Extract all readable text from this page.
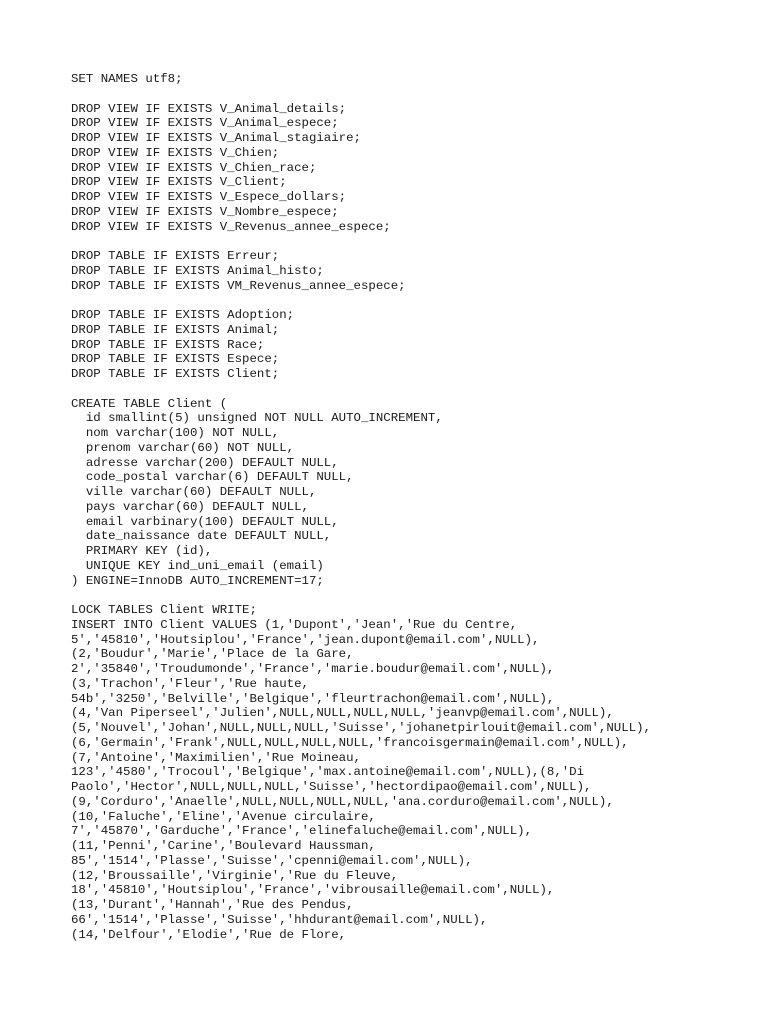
SET NAMES utf8;
DROP VIEW IF EXISTS V_Animal_details;
DROP VIEW IF EXISTS V_Animal_espece;
DROP VIEW IF EXISTS V_Animal_stagiaire;
DROP VIEW IF EXISTS V_Chien;
DROP VIEW IF EXISTS V_Chien_race;
DROP VIEW IF EXISTS V_Client;
DROP VIEW IF EXISTS V_Espece_dollars;
DROP VIEW IF EXISTS V_Nombre_espece;
DROP VIEW IF EXISTS V_Revenus_annee_espece;
DROP TABLE IF EXISTS Erreur;
DROP TABLE IF EXISTS Animal_histo;
DROP TABLE IF EXISTS VM_Revenus_annee_espece;
DROP TABLE IF EXISTS Adoption;
DROP TABLE IF EXISTS Animal;
DROP TABLE IF EXISTS Race;
DROP TABLE IF EXISTS Espece;
DROP TABLE IF EXISTS Client;
CREATE TABLE Client (
id smallint(5) unsigned NOT NULL AUTO_INCREMENT,
nom varchar(100) NOT NULL,
prenom varchar(60) NOT NULL,
adresse varchar(200) DEFAULT NULL,
code_postal varchar(6) DEFAULT NULL,
ville varchar(60) DEFAULT NULL,
pays varchar(60) DEFAULT NULL,
email varbinary(100) DEFAULT NULL,
date_naissance date DEFAULT NULL,
PRIMARY KEY (id),
UNIQUE KEY ind_uni_email (email)
) ENGINE=InnoDB AUTO_INCREMENT=17;
LOCK TABLES Client WRITE;
INSERT INTO Client VALUES (1,'Dupont','Jean','Rue du Centre,
5','45810','Houtsiplou','France','jean.dupont@email.com',NULL),
(2,'Boudur','Marie','Place de la Gare,
2','35840','Troudumonde','France','marie.boudur@email.com',NULL),
(3,'Trachon','Fleur','Rue haute,
54b','3250','Belville','Belgique','fleurtrachon@email.com',NULL),
(4,'Van Piperseel','Julien',NULL,NULL,NULL,NULL,'jeanvp@email.com',NULL),
(5,'Nouvel','Johan',NULL,NULL,NULL,'Suisse','johanetpirlouit@email.com',NULL),
(6,'Germain','Frank',NULL,NULL,NULL,NULL,'francoisgermain@email.com',NULL),
(7,'Antoine','Maximilien','Rue Moineau,
123','4580','Trocoul','Belgique','max.antoine@email.com',NULL),(8,'Di
Paolo','Hector',NULL,NULL,NULL,'Suisse','hectordipao@email.com',NULL),
(9,'Corduro','Anaelle',NULL,NULL,NULL,NULL,'ana.corduro@email.com',NULL),
(10,'Faluche','Eline','Avenue circulaire,
7','45870','Garduche','France','elinefaluche@email.com',NULL),
(11,'Penni','Carine','Boulevard Haussman,
85','1514','Plasse','Suisse','cpenni@email.com',NULL),
(12,'Broussaille','Virginie','Rue du Fleuve,
18','45810','Houtsiplou','France','vibrousaille@email.com',NULL),
(13,'Durant','Hannah','Rue des Pendus,
66','1514','Plasse','Suisse','hhdurant@email.com',NULL),
(14,'Delfour','Elodie','Rue de Flore,
